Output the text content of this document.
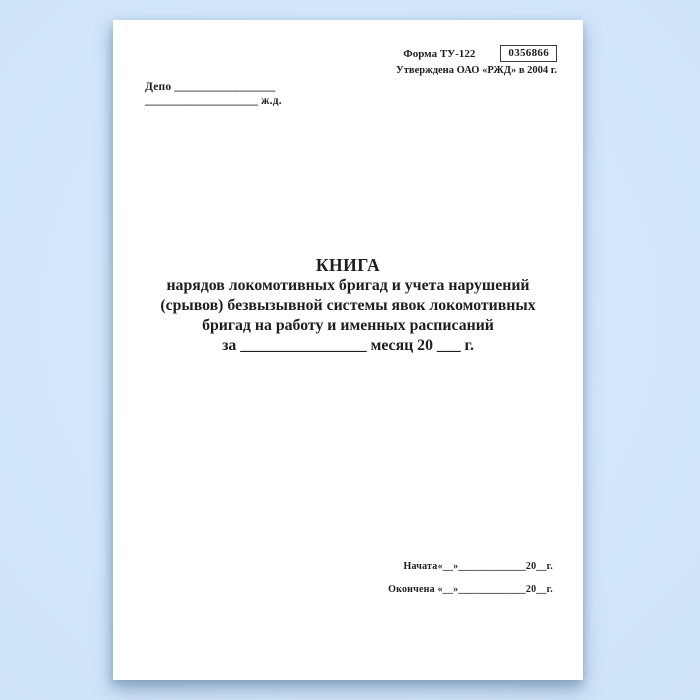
Форма ТУ-122	0356866
Утверждена ОАО «РЖД» в 2004 г.
Депо _________________
___________________ ж.д.
КНИГА
нарядов локомотивных бригад и учета нарушений
(срывов) безвызывной системы явок локомотивных
бригад на работу и именных расписаний
за ________________ месяц 20 ___ г.
Начата«__»_____________20__г.
Окончена «__»_____________20__г.
